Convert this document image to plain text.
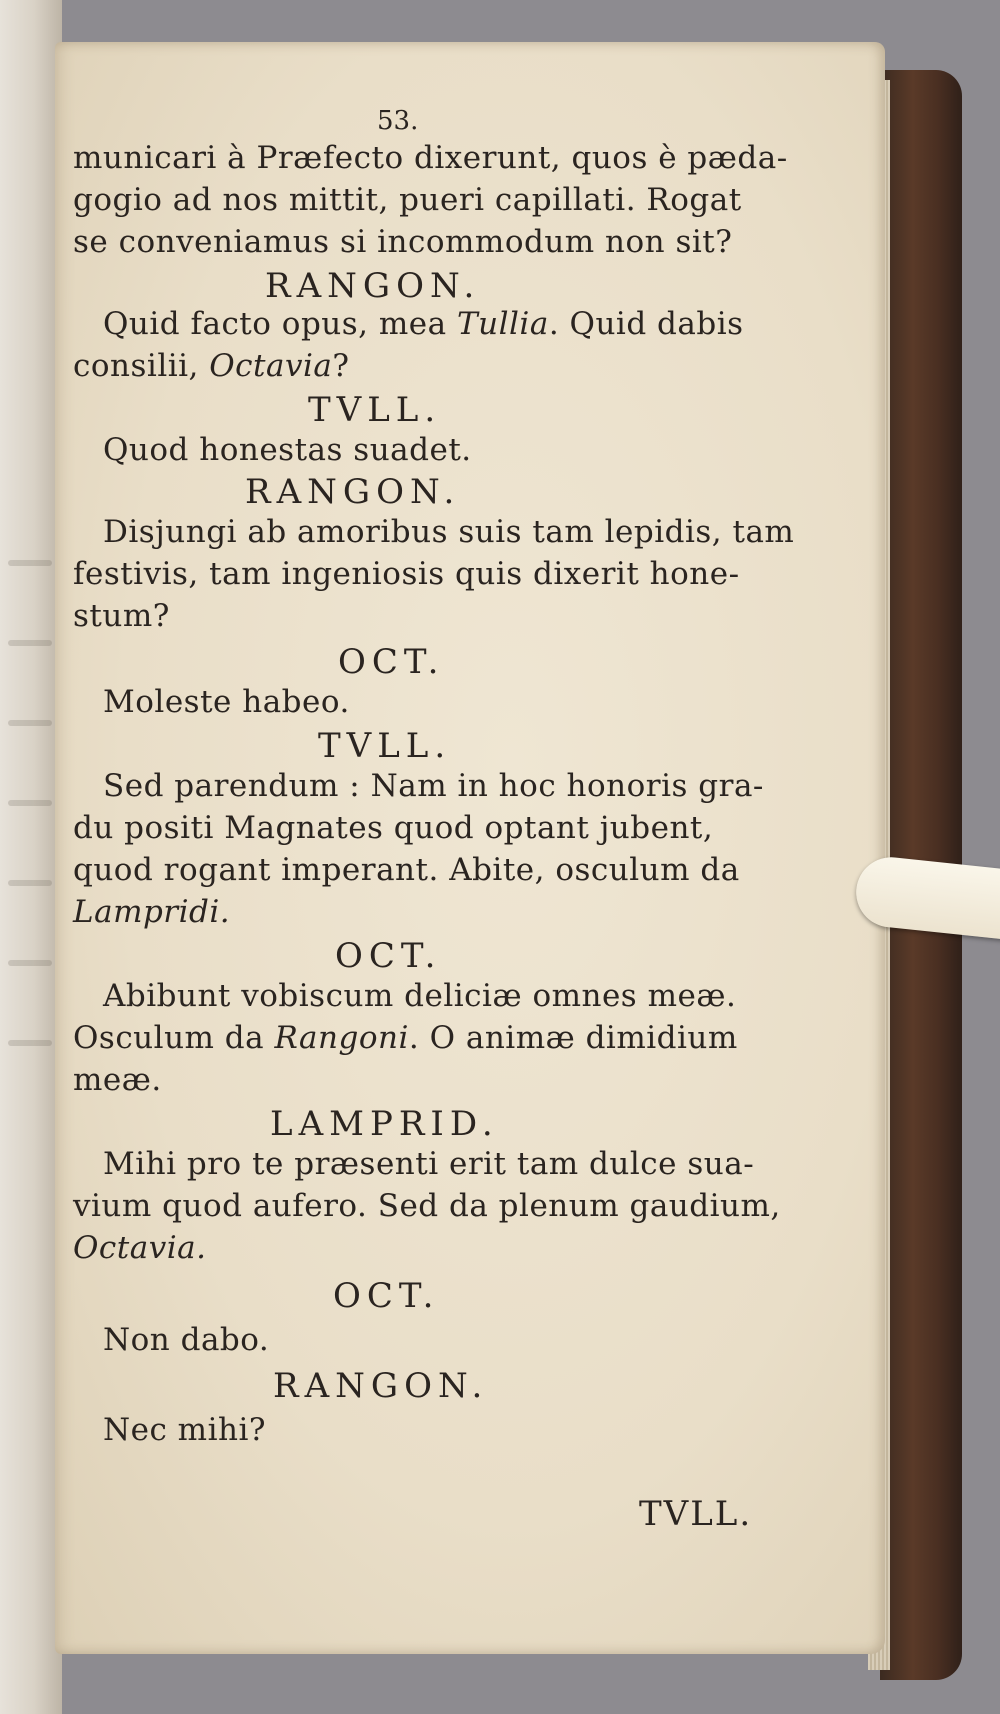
53.
municari à Præfecto dixerunt, quos è pæda-
gogio ad nos mittit, pueri capillati. Rogat
se conveniamus si incommodum non sit?
RANGON.
Quid facto opus, mea Tullia. Quid dabis
consilii, Octavia?
TVLL.
Quod honestas suadet.
RANGON.
Disjungi ab amoribus suis tam lepidis, tam
festivis, tam ingeniosis quis dixerit hone-
stum?
OCT.
Moleste habeo.
TVLL.
Sed parendum : Nam in hoc honoris gra-
du positi Magnates quod optant jubent,
quod rogant imperant. Abite, osculum da
Lampridi.
OCT.
Abibunt vobiscum deliciæ omnes meæ.
Osculum da Rangoni. O animæ dimidium
meæ.
LAMPRID.
Mihi pro te præsenti erit tam dulce sua-
vium quod aufero. Sed da plenum gaudium,
Octavia.
OCT.
Non dabo.
RANGON.
Nec mihi?
TVLL.
